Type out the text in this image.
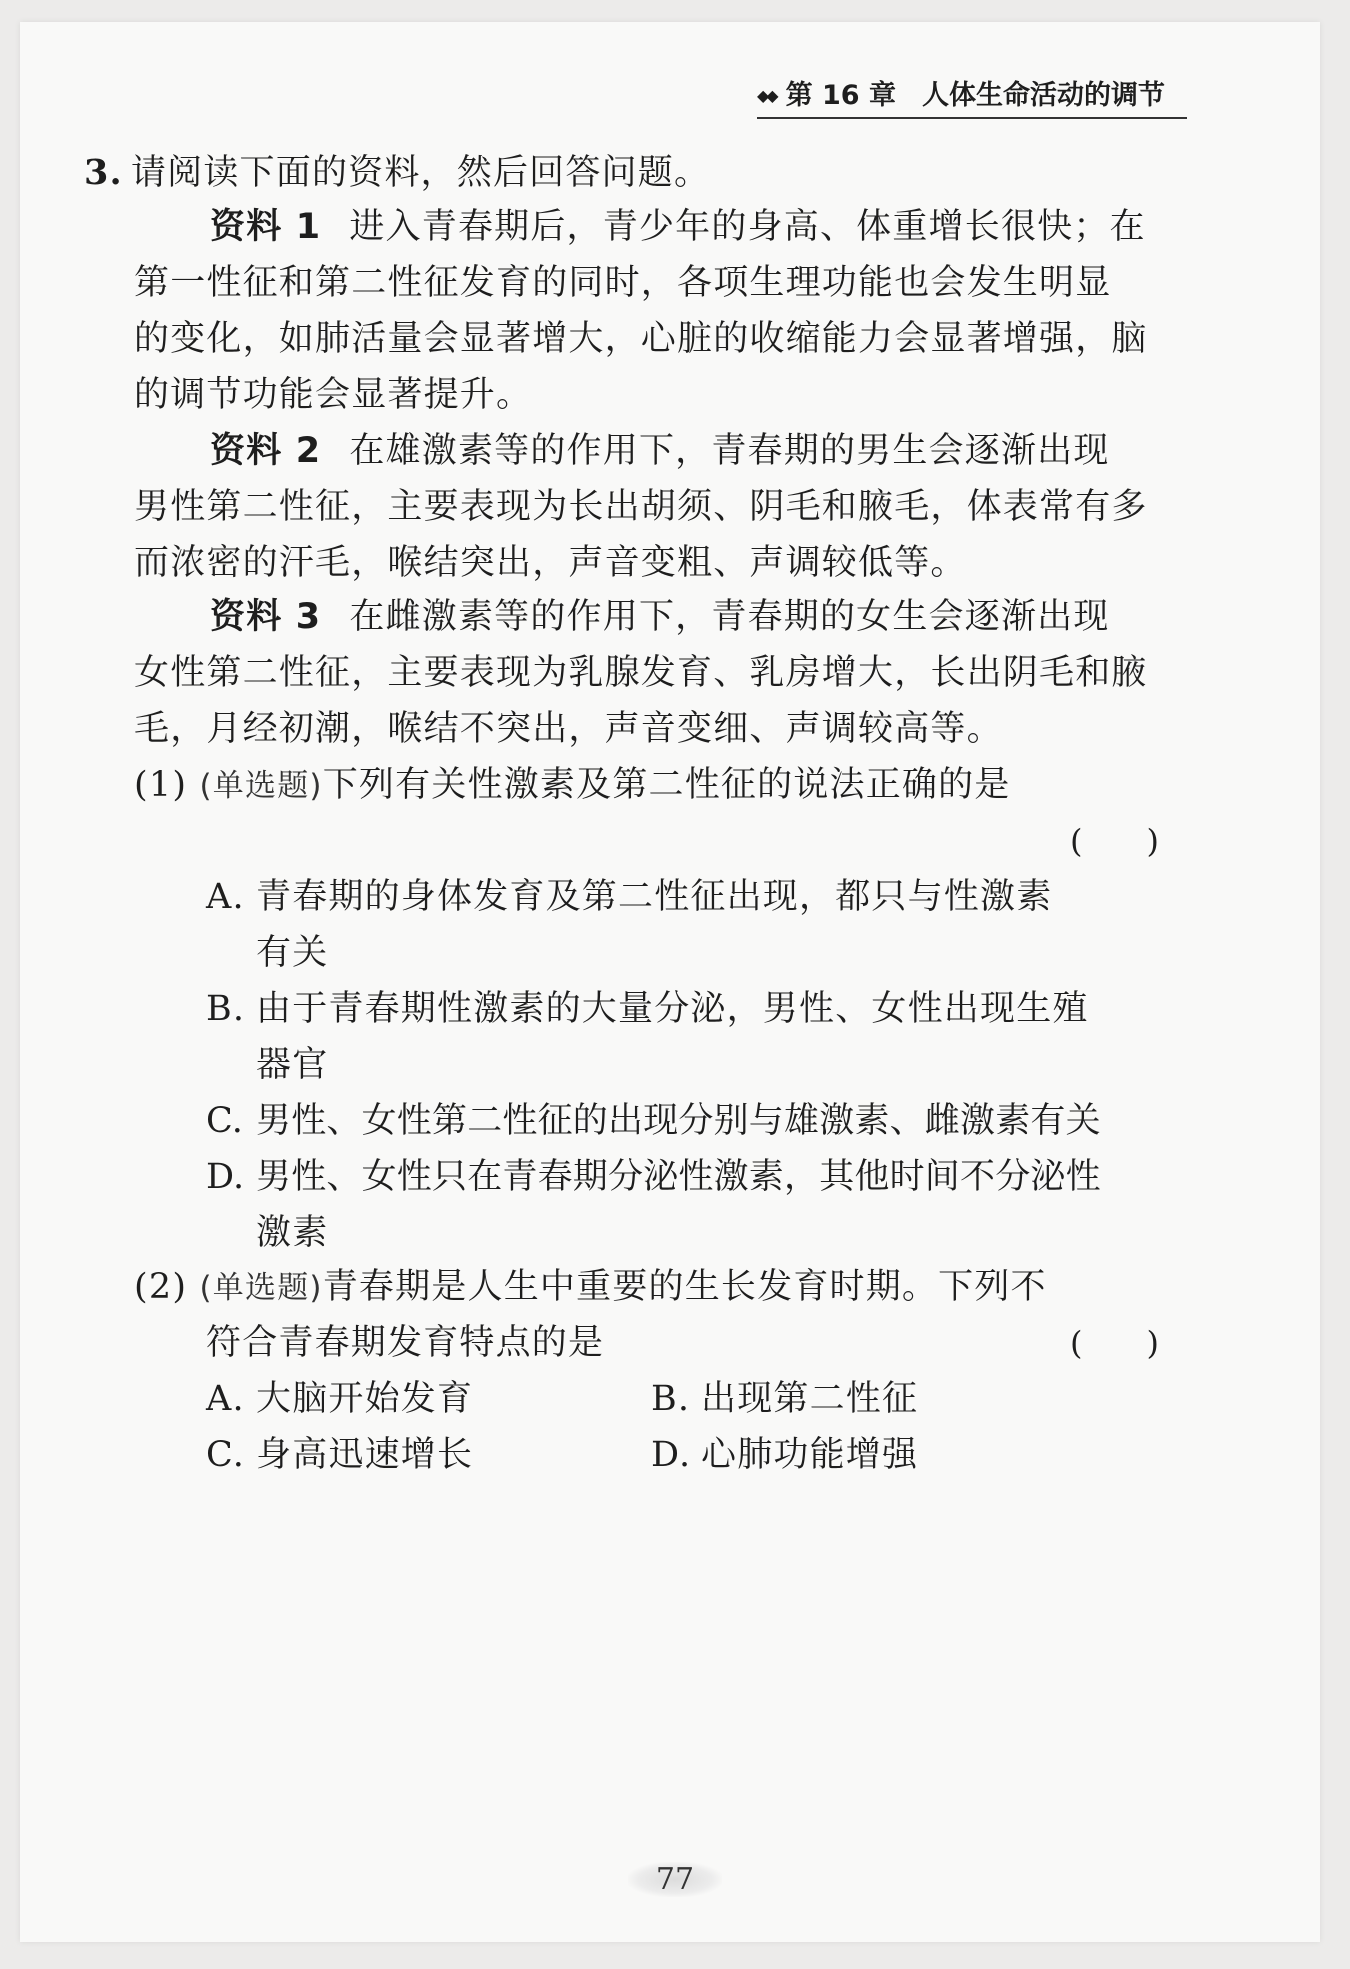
◆◆ 第 16 章 人体生命活动的调节
3. 请阅读下面的资料，然后回答问题。
资料 1 进入青春期后，青少年的身高、体重增长很快；在
第一性征和第二性征发育的同时，各项生理功能也会发生明显
的变化，如肺活量会显著增大，心脏的收缩能力会显著增强，脑
的调节功能会显著提升。
资料 2 在雄激素等的作用下，青春期的男生会逐渐出现
男性第二性征，主要表现为长出胡须、阴毛和腋毛，体表常有多
而浓密的汗毛，喉结突出，声音变粗、声调较低等。
资料 3 在雌激素等的作用下，青春期的女生会逐渐出现
女性第二性征，主要表现为乳腺发育、乳房增大，长出阴毛和腋
毛，月经初潮，喉结不突出，声音变细、声调较高等。
(1) (单选题)下列有关性激素及第二性征的说法正确的是
(　　)
A. 青春期的身体发育及第二性征出现，都只与性激素
有关
B. 由于青春期性激素的大量分泌，男性、女性出现生殖
器官
C. 男性、女性第二性征的出现分别与雄激素、雌激素有关
D. 男性、女性只在青春期分泌性激素，其他时间不分泌性
激素
(2) (单选题)青春期是人生中重要的生长发育时期。下列不
符合青春期发育特点的是	(　　)
A. 大脑开始发育	B. 出现第二性征
C. 身高迅速增长	D. 心肺功能增强
77
